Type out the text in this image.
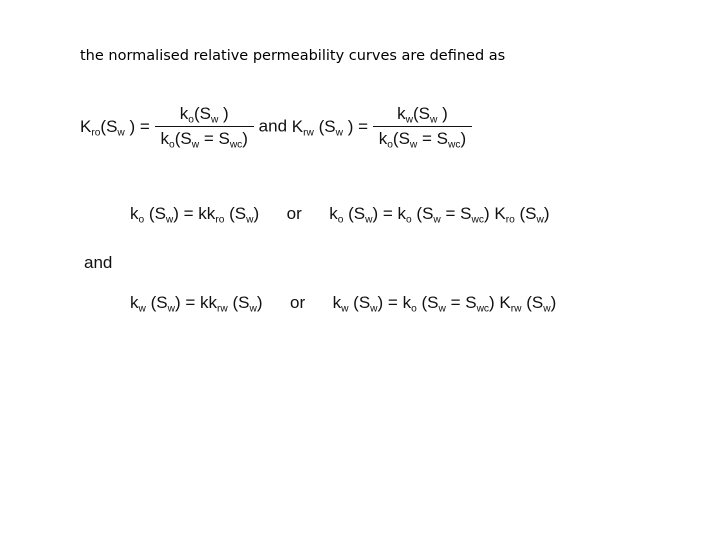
the normalised relative permeability curves are defined as
$K_{ro}(S_w$ ) = $\frac{k_o(S_w )}{k_o(S_w = S_{wc})}$ and $K_{rw}$ ($S_w$ ) = $\frac{k_w(S_w )}{k_o(S_w = S_{wc})}$
$k_o$ $(S_w) = kk_{ro}$ $(S_w)$ or $k_o$ $(S_w) = k_o$ $(S_w = S_{wc})$ $K_{ro}$ $(S_w)$
and
$k_w$ $(S_w) = kk_{rw}$ $(S_w)$ or $k_w$ $(S_w) = k_o$ $(S_w = S_{wc})$ $K_{rw}$ $(S_w)$
